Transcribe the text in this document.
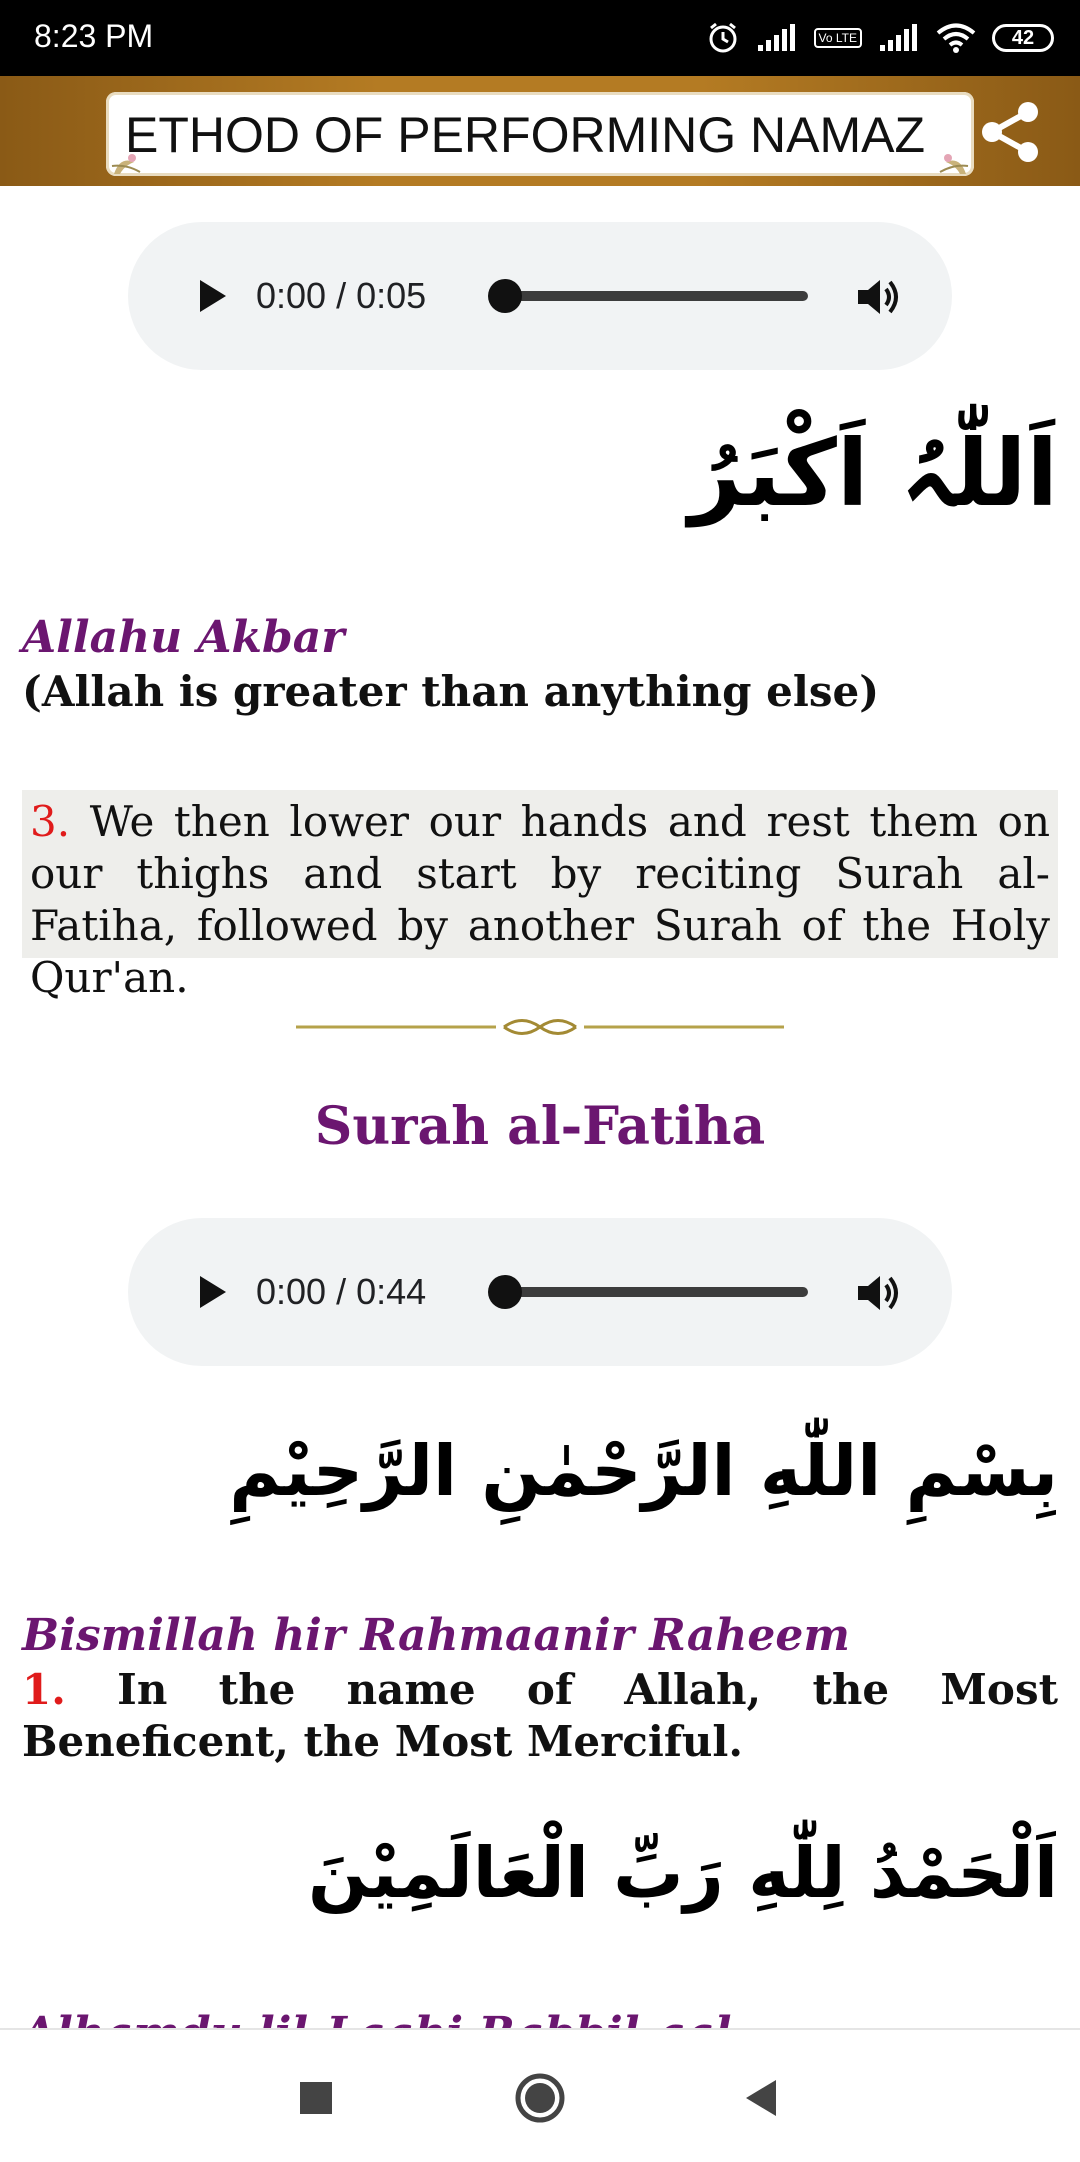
8:23 PM	Vo LTE	42
ETHOD OF PERFORMING NAMAZ
0:00 / 0:05
اَللّٰہُ اَکْبَرُ
Allahu Akbar
(Allah is greater than anything else)
3. We then lower our hands and rest them on our thighs and start by reciting Surah al-Fatiha, followed by another Surah of the Holy Qur'an.
Surah al-Fatiha
0:00 / 0:44
بِسْمِ اللّٰهِ الرَّحْمٰنِ الرَّحِيْمِ
Bismillah hir Rahmaanir Raheem
1. In the name of Allah, the Most Beneficent, the Most Merciful.
اَلْحَمْدُ لِلّٰهِ رَبِّ الْعَالَمِيْنَ
